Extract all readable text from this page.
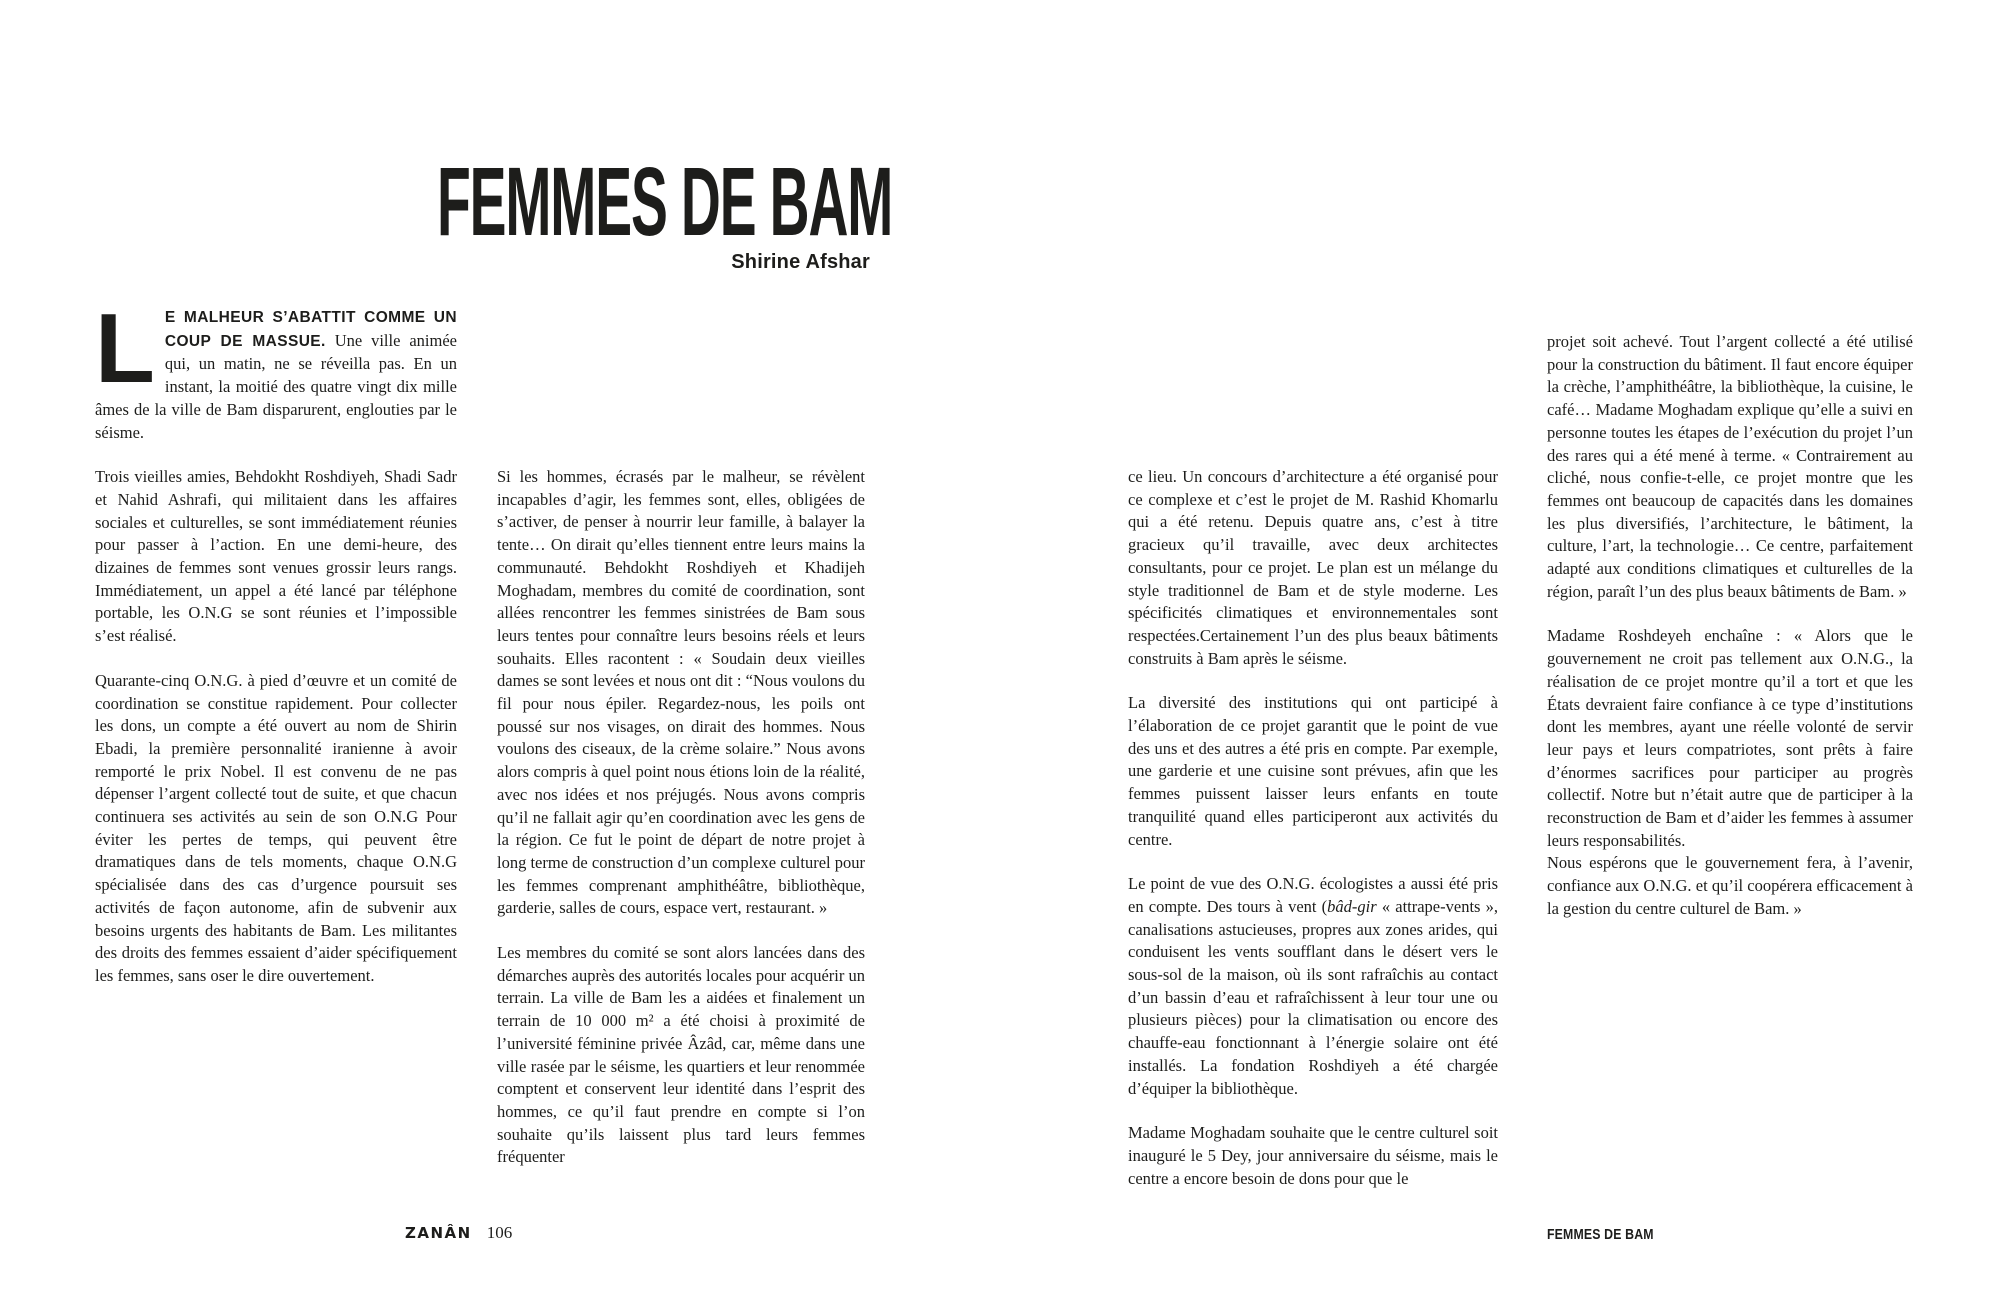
FEMMES DE BAM
Shirine Afshar

L E MALHEUR S’ABATTIT COMME UN COUP DE MASSUE. Une ville animée qui, un matin, ne se réveilla pas. En un instant, la moitié des quatre vingt dix mille âmes de la ville de Bam disparurent, englouties par le séisme.

Trois vieilles amies, Behdokht Roshdiyeh, Shadi Sadr et Nahid Ashrafi, qui militaient dans les affaires sociales et culturelles, se sont immédiatement réunies pour passer à l’action. En une demi-heure, des dizaines de femmes sont venues grossir leurs rangs. Immédiatement, un appel a été lancé par téléphone portable, les O.N.G se sont réunies et l’impossible s’est réalisé.

Quarante-cinq O.N.G. à pied d’œuvre et un comité de coordination se constitue rapidement. Pour collecter les dons, un compte a été ouvert au nom de Shirin Ebadi, la première personnalité iranienne à avoir remporté le prix Nobel. Il est convenu de ne pas dépenser l’argent collecté tout de suite, et que chacun continuera ses activités au sein de son O.N.G Pour éviter les pertes de temps, qui peuvent être dramatiques dans de tels moments, chaque O.N.G spécialisée dans des cas d’urgence poursuit ses activités de façon autonome, afin de subvenir aux besoins urgents des habitants de Bam. Les militantes des droits des femmes essaient d’aider spécifiquement les femmes, sans oser le dire ouvertement.

Si les hommes, écrasés par le malheur, se révèlent incapables d’agir, les femmes sont, elles, obligées de s’activer, de penser à nourrir leur famille, à balayer la tente… On dirait qu’elles tiennent entre leurs mains la communauté. Behdokht Roshdiyeh et Khadijeh Moghadam, membres du comité de coordination, sont allées rencontrer les femmes sinistrées de Bam sous leurs tentes pour connaître leurs besoins réels et leurs souhaits. Elles racontent : « Soudain deux vieilles dames se sont levées et nous ont dit : “Nous voulons du fil pour nous épiler. Regardez-nous, les poils ont poussé sur nos visages, on dirait des hommes. Nous voulons des ciseaux, de la crème solaire.” Nous avons alors compris à quel point nous étions loin de la réalité, avec nos idées et nos préjugés. Nous avons compris qu’il ne fallait agir qu’en coordination avec les gens de la région. Ce fut le point de départ de notre projet à long terme de construction d’un complexe culturel pour les femmes comprenant amphithéâtre, bibliothèque, garderie, salles de cours, espace vert, restaurant. »

Les membres du comité se sont alors lancées dans des démarches auprès des autorités locales pour acquérir un terrain. La ville de Bam les a aidées et finalement un terrain de 10 000 m² a été choisi à proximité de l’université féminine privée Âzâd, car, même dans une ville rasée par le séisme, les quartiers et leur renommée comptent et conservent leur identité dans l’esprit des hommes, ce qu’il faut prendre en compte si l’on souhaite qu’ils laissent plus tard leurs femmes fréquenter

ce lieu. Un concours d’architecture a été organisé pour ce complexe et c’est le projet de M. Rashid Khomarlu qui a été retenu. Depuis quatre ans, c’est à titre gracieux qu’il travaille, avec deux architectes consultants, pour ce projet. Le plan est un mélange du style traditionnel de Bam et de style moderne. Les spécificités climatiques et environnementales sont respectées.Certainement l’un des plus beaux bâtiments construits à Bam après le séisme.

La diversité des institutions qui ont participé à l’élaboration de ce projet garantit que le point de vue des uns et des autres a été pris en compte. Par exemple, une garderie et une cuisine sont prévues, afin que les femmes puissent laisser leurs enfants en toute tranquilité quand elles participeront aux activités du centre.

Le point de vue des O.N.G. écologistes a aussi été pris en compte. Des tours à vent (bâd-gir « attrape-vents », canalisations astucieuses, propres aux zones arides, qui conduisent les vents soufflant dans le désert vers le sous-sol de la maison, où ils sont rafraîchis au contact d’un bassin d’eau et rafraîchissent à leur tour une ou plusieurs pièces) pour la climatisation ou encore des chauffe-eau fonctionnant à l’énergie solaire ont été installés. La fondation Roshdiyeh a été chargée d’équiper la bibliothèque.

Madame Moghadam souhaite que le centre culturel soit inauguré le 5 Dey, jour anniversaire du séisme, mais le centre a encore besoin de dons pour que le

projet soit achevé. Tout l’argent collecté a été utilisé pour la construction du bâtiment. Il faut encore équiper la crèche, l’amphithéâtre, la bibliothèque, la cuisine, le café… Madame Moghadam explique qu’elle a suivi en personne toutes les étapes de l’exécution du projet l’un des rares qui a été mené à terme. « Contrairement au cliché, nous confie-t-elle, ce projet montre que les femmes ont beaucoup de capacités dans les domaines les plus diversifiés, l’architecture, le bâtiment, la culture, l’art, la technologie… Ce centre, parfaitement adapté aux conditions climatiques et culturelles de la région, paraît l’un des plus beaux bâtiments de Bam. »

Madame Roshdeyeh enchaîne : « Alors que le gouvernement ne croit pas tellement aux O.N.G., la réalisation de ce projet montre qu’il a tort et que les États devraient faire confiance à ce type d’institutions dont les membres, ayant une réelle volonté de servir leur pays et leurs compatriotes, sont prêts à faire d’énormes sacrifices pour participer au progrès collectif. Notre but n’était autre que de participer à la reconstruction de Bam et d’aider les femmes à assumer leurs responsabilités.

Nous espérons que le gouvernement fera, à l’avenir, confiance aux O.N.G. et qu’il coopérera efficacement à la gestion du centre culturel de Bam. »

ZANÂN 106	FEMMES DE BAM
